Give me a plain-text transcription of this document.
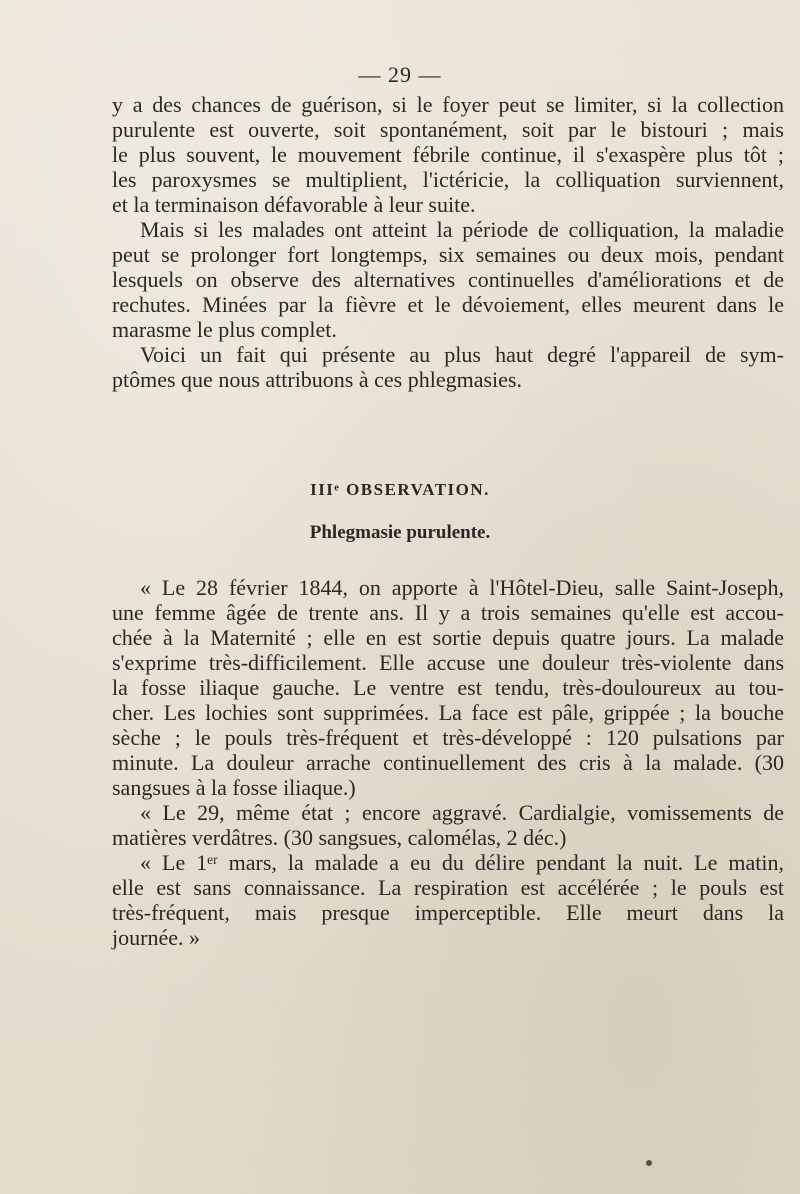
— 29 —

y a des chances de guérison, si le foyer peut se limiter, si la collection

purulente est ouverte, soit spontanément, soit par le bistouri ; mais

le plus souvent, le mouvement fébrile continue, il s'exaspère plus tôt ;

les paroxysmes se multiplient, l'ictéricie, la colliquation surviennent,

et la terminaison défavorable à leur suite.

Mais si les malades ont atteint la période de colliquation, la maladie

peut se prolonger fort longtemps, six semaines ou deux mois, pendant

lesquels on observe des alternatives continuelles d'améliorations et de

rechutes. Minées par la fièvre et le dévoiement, elles meurent dans le

marasme le plus complet.

Voici un fait qui présente au plus haut degré l'appareil de sym-

ptômes que nous attribuons à ces phlegmasies.

IIIᵉ OBSERVATION.
Phlegmasie purulente.

« Le 28 février 1844, on apporte à l'Hôtel-Dieu, salle Saint-Joseph,

une femme âgée de trente ans. Il y a trois semaines qu'elle est accou-

chée à la Maternité ; elle en est sortie depuis quatre jours. La malade

s'exprime très-difficilement. Elle accuse une douleur très-violente dans

la fosse iliaque gauche. Le ventre est tendu, très-douloureux au tou-

cher. Les lochies sont supprimées. La face est pâle, grippée ; la bouche

sèche ; le pouls très-fréquent et très-développé : 120 pulsations par

minute. La douleur arrache continuellement des cris à la malade. (30

sangsues à la fosse iliaque.)

« Le 29, même état ; encore aggravé. Cardialgie, vomissements de

matières verdâtres. (30 sangsues, calomélas, 2 déc.)

« Le 1ᵉʳ mars, la malade a eu du délire pendant la nuit. Le matin,

elle est sans connaissance. La respiration est accélérée ; le pouls est

très-fréquent, mais presque imperceptible. Elle meurt dans la

journée. »
